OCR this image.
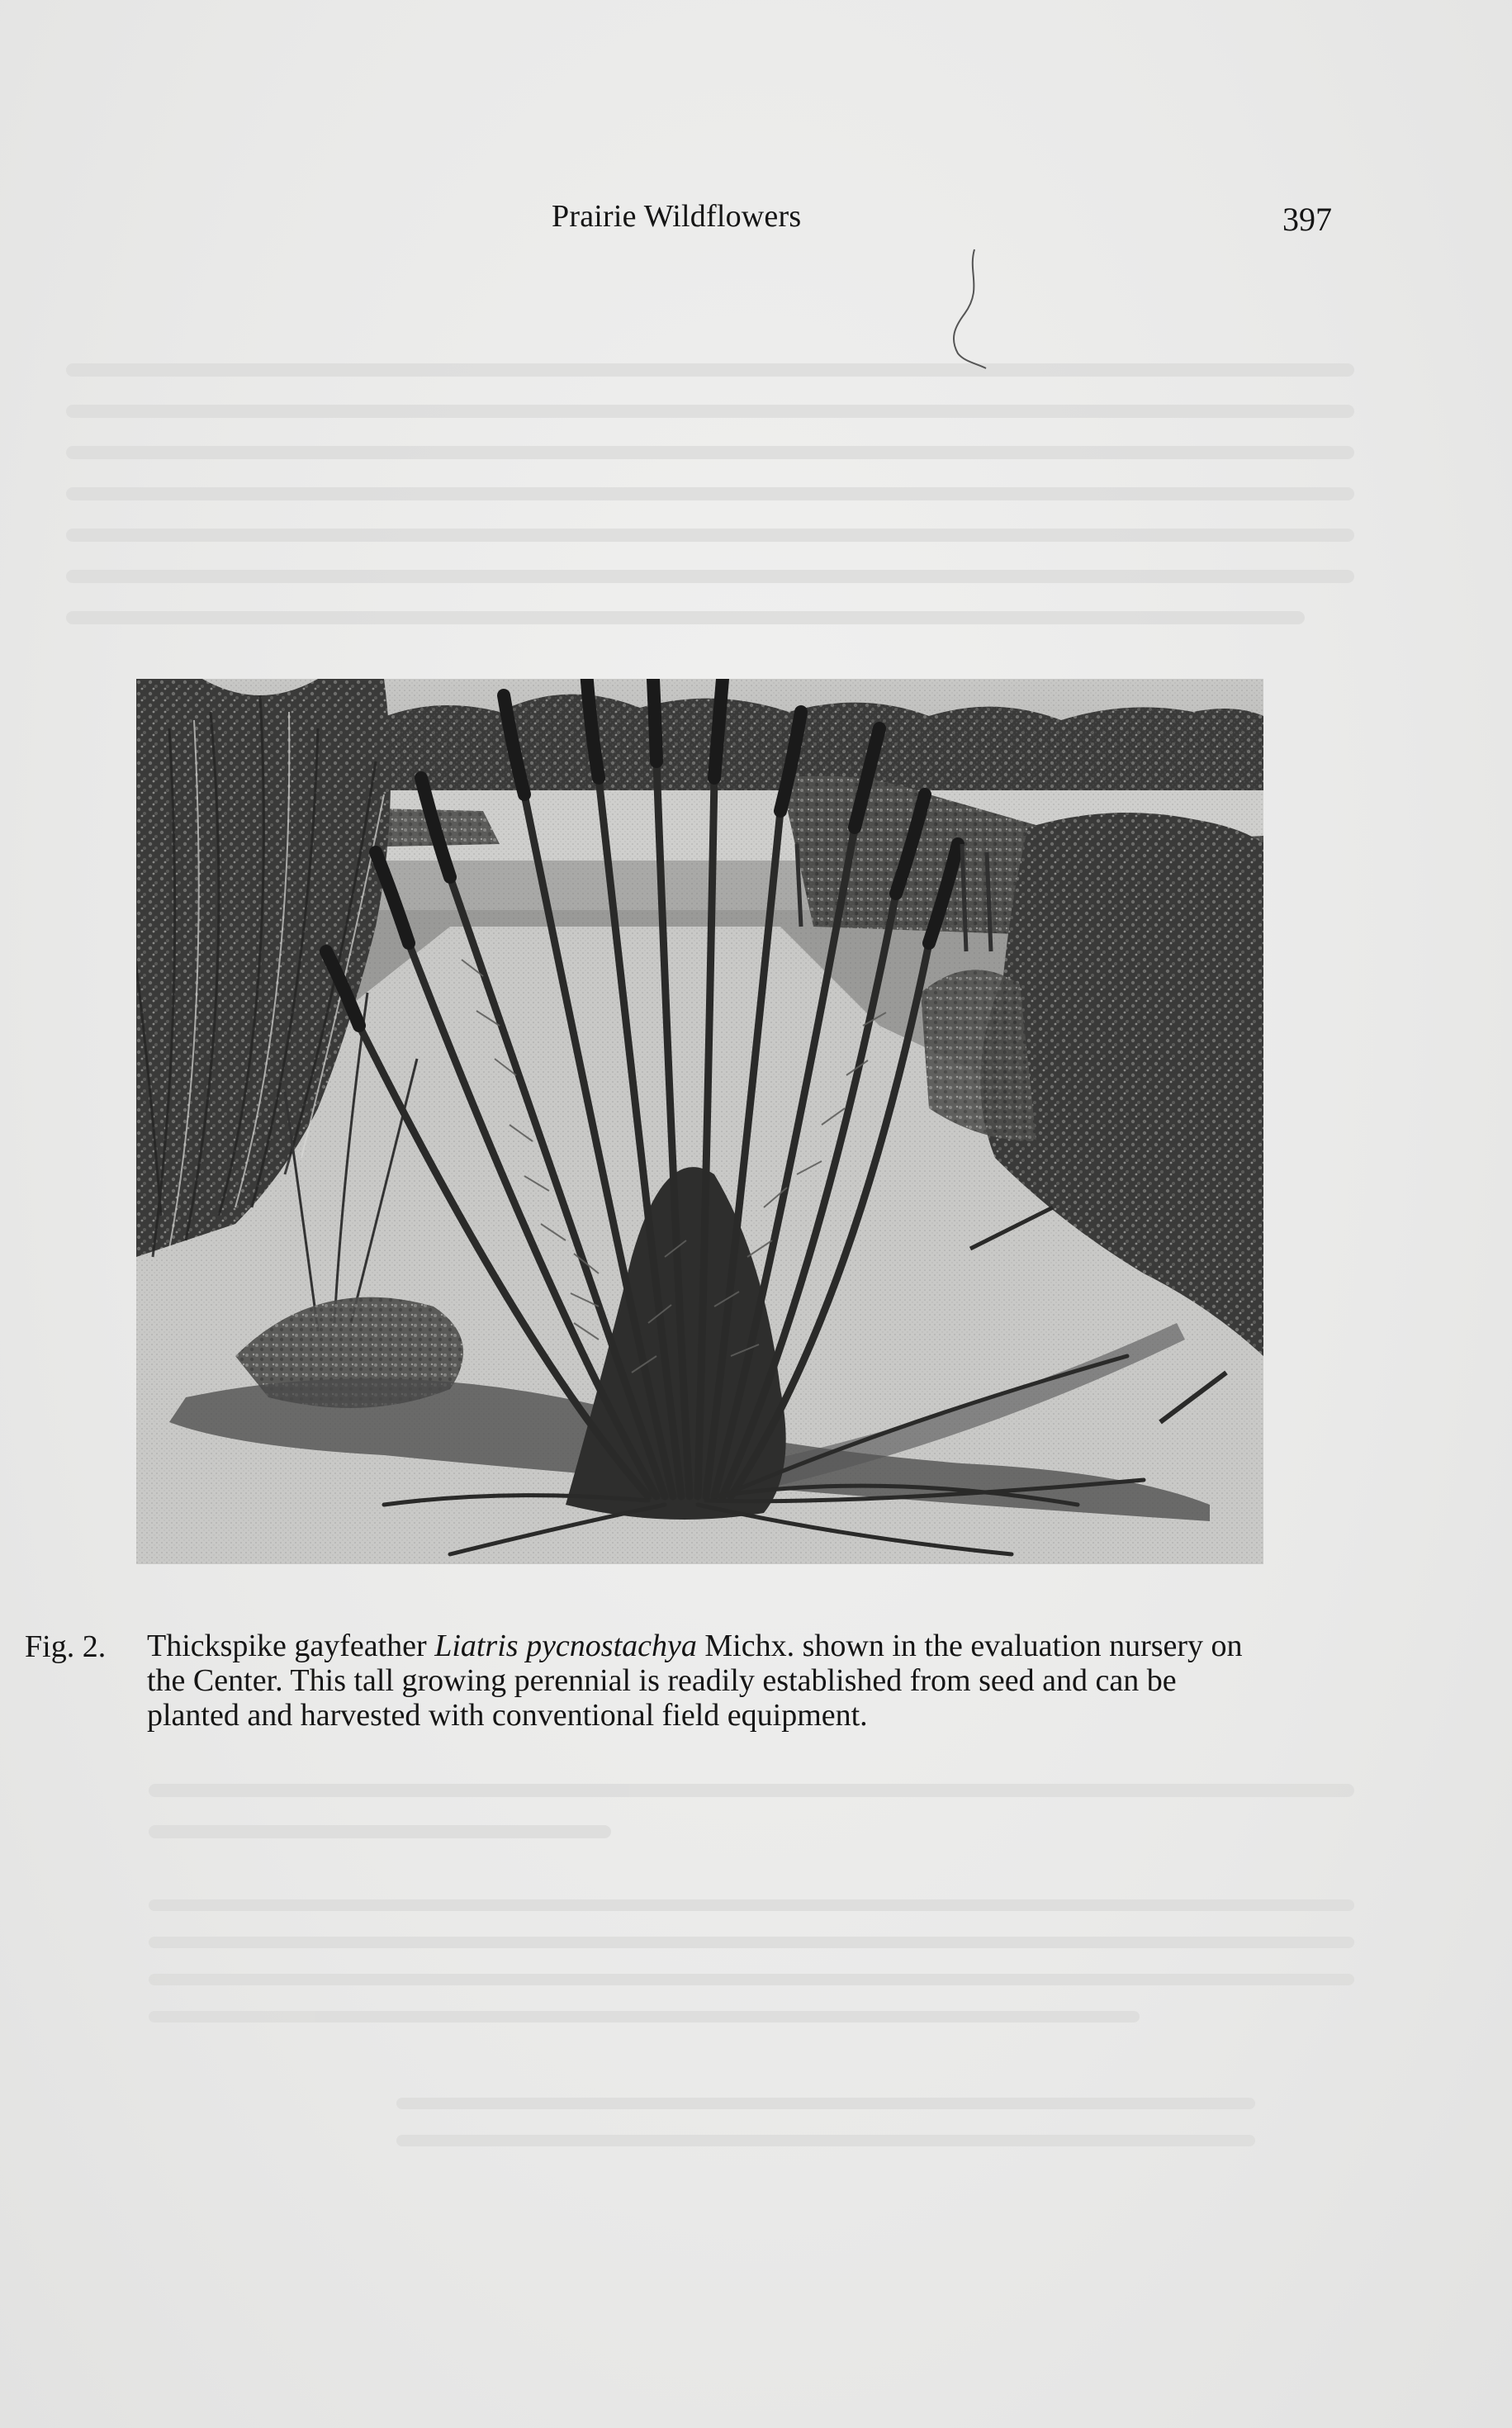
Prairie Wildflowers	397
Fig. 2. Thickspike gayfeather Liatris pycnostachya Michx. shown in the evaluation nursery on
the Center. This tall growing perennial is readily established from seed and can be
planted and harvested with conventional field equipment.
